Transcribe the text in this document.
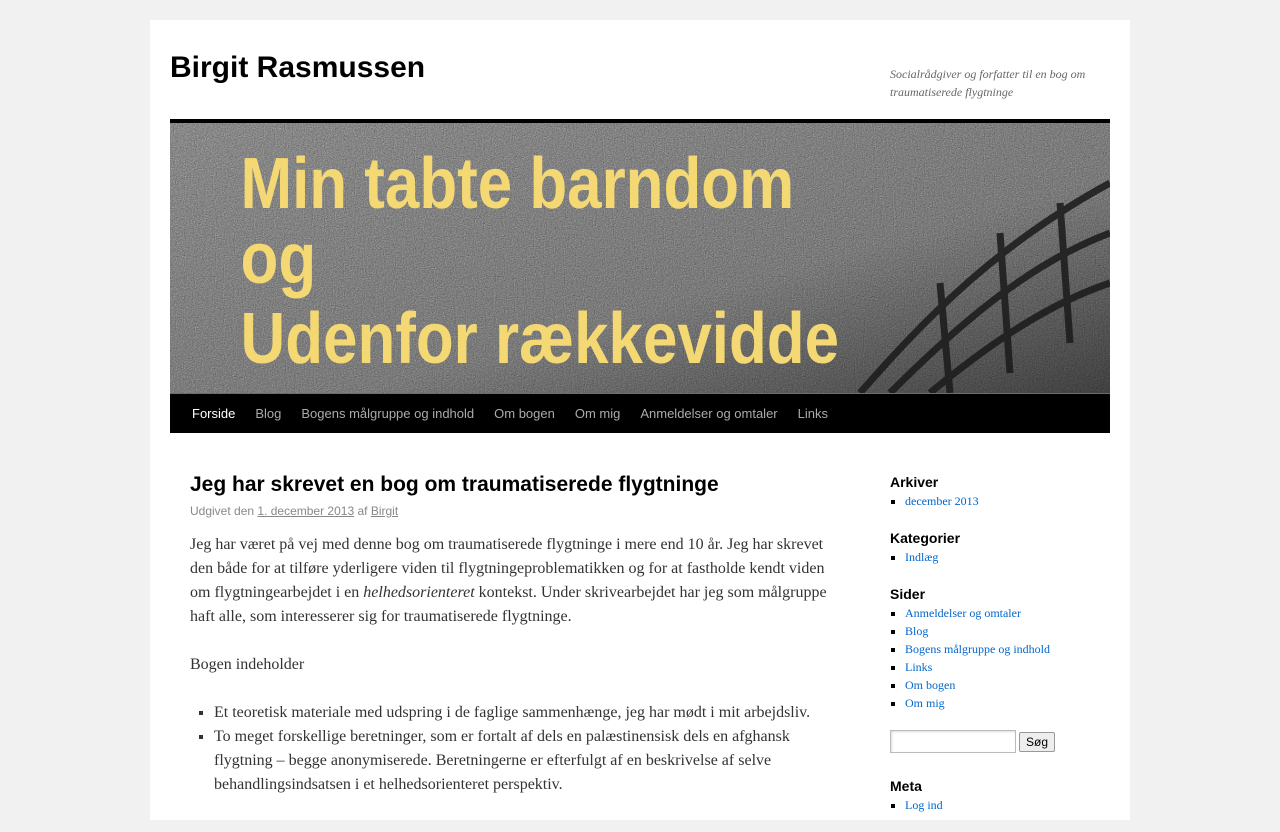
Birgit Rasmussen	Socialrådgiver og forfatter til en bog om traumatiserede flygtninge
Min tabte barndom
og
Udenfor rækkevidde
Forside	Blog	Bogens målgruppe og indhold	Om bogen	Om mig	Anmeldelser og omtaler	Links
Jeg har skrevet en bog om traumatiserede flygtninge
Udgivet den 1. december 2013 af Birgit

Jeg har været på vej med denne bog om traumatiserede flygtninge i mere end 10 år. Jeg har skrevet den både for at tilføre yderligere viden til flygtningeproblematikken og for at fastholde kendt viden om flygtningearbejdet i en helhedsorienteret kontekst. Under skrivearbejdet har jeg som målgruppe haft alle, som interesserer sig for traumatiserede flygtninge.

Bogen indeholder

▪ Et teoretisk materiale med udspring i de faglige sammenhænge, jeg har mødt i mit arbejdsliv.
▪ To meget forskellige beretninger, som er fortalt af dels en palæstinensisk dels en afghansk flygtning – begge anonymiserede. Beretningerne er efterfulgt af en beskrivelse af selve behandlingsindsatsen i et helhedsorienteret perspektiv.
Arkiver
▪ december 2013
Kategorier
▪ Indlæg
Sider
▪ Anmeldelser og omtaler
▪ Blog
▪ Bogens målgruppe og indhold
▪ Links
▪ Om bogen
▪ Om mig
Søg
Meta
▪ Log ind
